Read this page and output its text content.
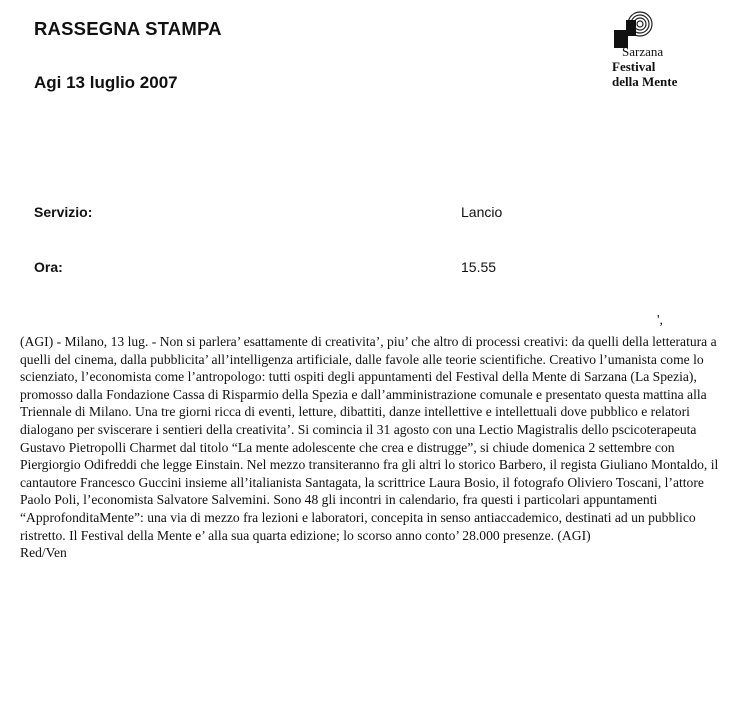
RASSEGNA STAMPA
Agi 13 luglio 2007
Sarzana
Festival
della Mente
Servizio:	Lancio
Ora:	15.55
',

(AGI) - Milano, 13 lug. - Non si parlera’ esattamente di creativita’, piu’ che altro di processi creativi: da quelli della letteratura a quelli del cinema, dalla pubblicita’ all’intelligenza artificiale, dalle favole alle teorie scientifiche. Creativo l’umanista come lo scienziato, l’economista come l’antropologo: tutti ospiti degli appuntamenti del Festival della Mente di Sarzana (La Spezia), promosso dalla Fondazione Cassa di Risparmio della Spezia e dall’amministrazione comunale e presentato questa mattina alla Triennale di Milano. Una tre giorni ricca di eventi, letture, dibattiti, danze intellettive e intellettuali dove pubblico e relatori dialogano per sviscerare i sentieri della creativita’. Si comincia il 31 agosto con una Lectio Magistralis dello pscicoterapeuta Gustavo Pietropolli Charmet dal titolo “La mente adolescente che crea e distrugge”, si chiude domenica 2 settembre con Piergiorgio Odifreddi che legge Einstain. Nel mezzo transiteranno fra gli altri lo storico Barbero, il regista Giuliano Montaldo, il cantautore Francesco Guccini insieme all’italianista Santagata, la scrittrice Laura Bosio, il fotografo Oliviero Toscani, l’attore Paolo Poli, l’economista Salvatore Salvemini. Sono 48 gli incontri in calendario, fra questi i particolari appuntamenti “ApprofonditaMente”: una via di mezzo fra lezioni e laboratori, concepita in senso antiaccademico, destinati ad un pubblico ristretto. Il Festival della Mente e’ alla sua quarta edizione; lo scorso anno conto’ 28.000 presenze. (AGI)

Red/Ven
